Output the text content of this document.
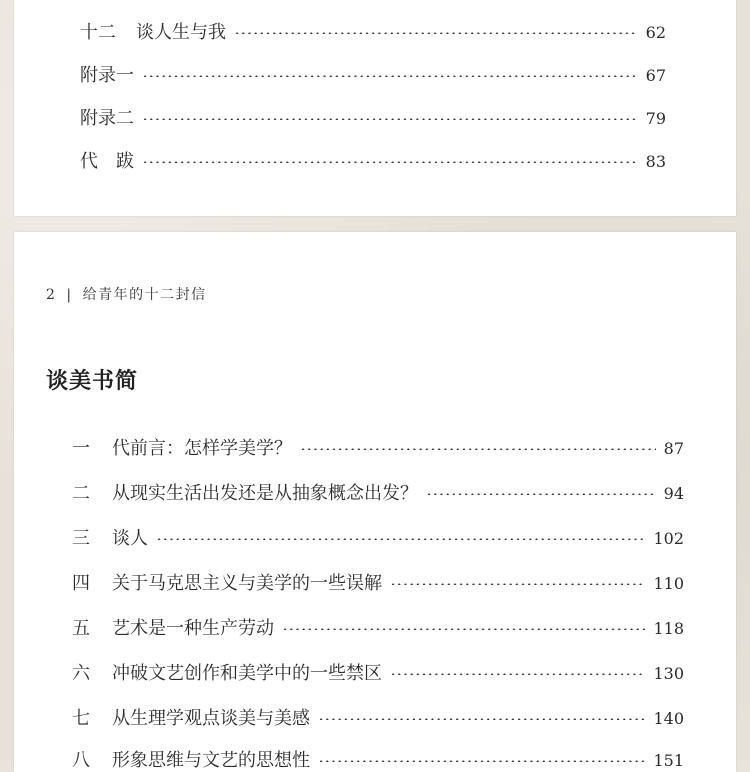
十二	谈人生与我	62
附录一	67
附录二	79
代　跋	83
2 | 给青年的十二封信
谈美书简
一	代前言：怎样学美学？	87
二	从现实生活出发还是从抽象概念出发？	94
三	谈人	102
四	关于马克思主义与美学的一些误解	110
五	艺术是一种生产劳动	118
六	冲破文艺创作和美学中的一些禁区	130
七	从生理学观点谈美与美感	140
八	形象思维与文艺的思想性	151
